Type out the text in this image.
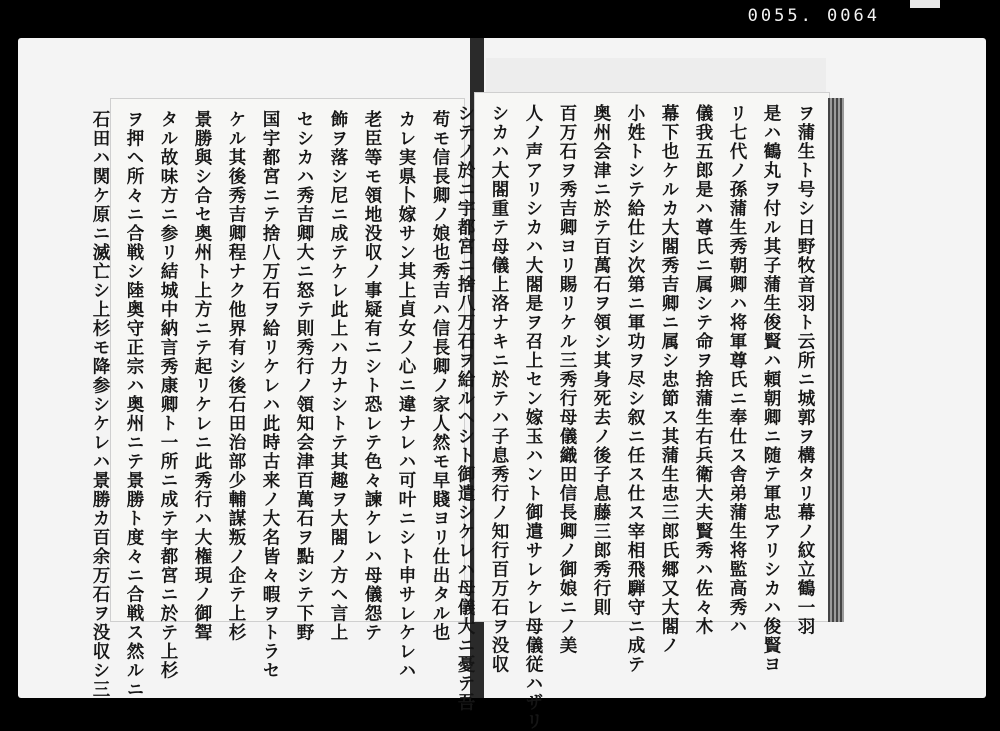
0055. 0064
苟モ信長卿ノ娘也秀吉ハ信長卿ノ家人然モ早賤ヨリ仕出タル也
カレ実県卜嫁サン其上貞女ノ心ニ違ナレハ可叶ニシト申サレケレハ
老臣等モ領地没収ノ事疑有ニシト恐レテ色々諫ケレハ母儀怨テ
飾ヲ落シ尼ニ成テケレ此上ハ力ナシトテ其趣ヲ大閤ノ方ヘ言上
セシカハ秀吉卿大ニ怒テ則秀行ノ領知会津百萬石ヲ點シテ下野
国宇都宮ニテ捨八万石ヲ給リケレハ此時古来ノ大名皆々暇ヲトラセ
ケル其後秀吉卿程ナク他界有シ後石田治部少輔謀叛ノ企テ上杉
景勝與シ合セ奥州ト上方ニテ起リケレニ此秀行ハ大権現ノ御聟
タル故味方ニ参リ結城中納言秀康卿ト一所ニ成テ宇都宮ニ於テ上杉
ヲ押ヘ所々ニ合戦シ陸奥守正宗ハ奥州ニテ景勝ト度々ニ合戦ス然ルニ
石田ハ関ケ原ニ滅亡シ上杉モ降参シケレハ景勝カ百余万石ヲ没収シ三	ヲ蒲生ト号シ日野牧音羽ト云所ニ城郭ヲ構タリ幕ノ紋立鶴一羽
是ハ鶴丸ヲ付ル其子蒲生俊賢ハ頼朝卿ニ随テ軍忠アリシカハ俊賢ヨ
リ七代ノ孫蒲生秀朝卿ハ将軍尊氏ニ奉仕ス舎弟蒲生将監高秀ハ
儀我五郎是ハ尊氏ニ属シテ命ヲ捨蒲生右兵衛大夫賢秀ハ佐々木
幕下也ケルカ大閤秀吉卿ニ属シ忠節ス其蒲生忠三郎氏郷又大閤ノ
小姓トシテ給仕シ次第ニ軍功ヲ尽シ叙ニ任ス仕ス宰相飛騨守ニ成テ
奥州会津ニ於テ百萬石ヲ領シ其身死去ノ後子息藤三郎秀行則
百万石ヲ秀吉卿ヨリ賜リケル三秀行母儀織田信長卿ノ御娘ニノ美
人ノ声アリシカハ大閤是ヲ召上セン嫁玉ハント御遣サレケレ母儀従ハザリ
シカハ大閤重テ母儀上洛ナキニ於テハ子息秀行ノ知行百万石ヲ没収
シテノ於ニ宇都宮ニ捨八万石ヲ給ルヘシト御遣シケレハ母儀大ニ憂テ吾
